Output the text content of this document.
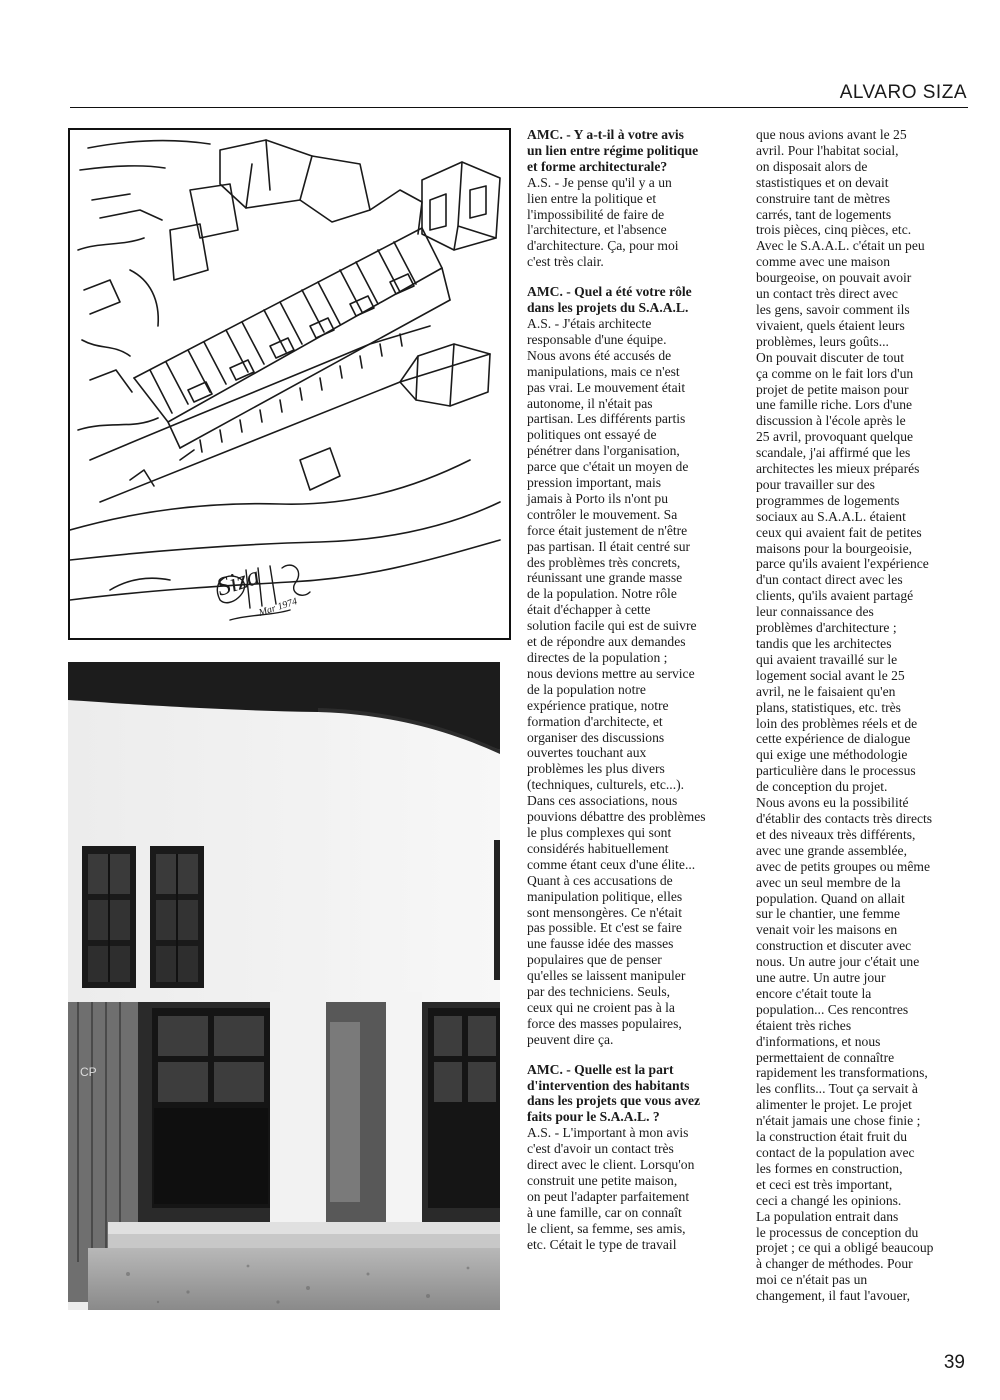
ALVARO SIZA
Siza
Mar 1974
CP

AMC. - Y a-t-il à votre avis
un lien entre régime politique
et forme architecturale?

A.S. - Je pense qu'il y a un
lien entre la politique et
l'impossibilité de faire de
l'architecture, et l'absence
d'architecture. Ça, pour moi
c'est très clair.

AMC. - Quel a été votre rôle
dans les projets du S.A.A.L.

A.S. - J'étais architecte
responsable d'une équipe.
Nous avons été accusés de
manipulations, mais ce n'est
pas vrai. Le mouvement était
autonome, il n'était pas
partisan. Les différents partis
politiques ont essayé de
pénétrer dans l'organisation,
parce que c'était un moyen de
pression important, mais
jamais à Porto ils n'ont pu
contrôler le mouvement. Sa
force était justement de n'être
pas partisan. Il était centré sur
des problèmes très concrets,
réunissant une grande masse
de la population. Notre rôle
était d'échapper à cette
solution facile qui est de suivre
et de répondre aux demandes
directes de la population ;
nous devions mettre au service
de la population notre
expérience pratique, notre
formation d'architecte, et
organiser des discussions
ouvertes touchant aux
problèmes les plus divers
(techniques, culturels, etc...).
Dans ces associations, nous
pouvions débattre des problèmes
le plus complexes qui sont
considérés habituellement
comme étant ceux d'une élite...
Quant à ces accusations de
manipulation politique, elles
sont mensongères. Ce n'était
pas possible. Et c'est se faire
une fausse idée des masses
populaires que de penser
qu'elles se laissent manipuler
par des techniciens. Seuls,
ceux qui ne croient pas à la
force des masses populaires,
peuvent dire ça.

AMC. - Quelle est la part
d'intervention des habitants
dans les projets que vous avez
faits pour le S.A.A.L. ?

A.S. - L'important à mon avis
c'est d'avoir un contact très
direct avec le client. Lorsqu'on
construit une petite maison,
on peut l'adapter parfaitement
à une famille, car on connaît
le client, sa femme, ses amis,
etc. Cétait le type de travail

que nous avions avant le 25
avril. Pour l'habitat social,
on disposait alors de
stastistiques et on devait
construire tant de mètres
carrés, tant de logements
trois pièces, cinq pièces, etc.
Avec le S.A.A.L. c'était un peu
comme avec une maison
bourgeoise, on pouvait avoir
un contact très direct avec
les gens, savoir comment ils
vivaient, quels étaient leurs
problèmes, leurs goûts...
On pouvait discuter de tout
ça comme on le fait lors d'un
projet de petite maison pour
une famille riche. Lors d'une
discussion à l'école après le
25 avril, provoquant quelque
scandale, j'ai affirmé que les
architectes les mieux préparés
pour travailler sur des
programmes de logements
sociaux au S.A.A.L. étaient
ceux qui avaient fait de petites
maisons pour la bourgeoisie,
parce qu'ils avaient l'expérience
d'un contact direct avec les
clients, qu'ils avaient partagé
leur connaissance des
problèmes d'architecture ;
tandis que les architectes
qui avaient travaillé sur le
logement social avant le 25
avril, ne le faisaient qu'en
plans, statistiques, etc. très
loin des problèmes réels et de
cette expérience de dialogue
qui exige une méthodologie
particulière dans le processus
de conception du projet.
Nous avons eu la possibilité
d'établir des contacts très directs
et des niveaux très différents,
avec une grande assemblée,
avec de petits groupes ou même
avec un seul membre de la
population. Quand on allait
sur le chantier, une femme
venait voir les maisons en
construction et discuter avec
nous. Un autre jour c'était une
une autre. Un autre jour
encore c'était toute la
population... Ces rencontres
étaient très riches
d'informations, et nous
permettaient de connaître
rapidement les transformations,
les conflits... Tout ça servait à
alimenter le projet. Le projet
n'était jamais une chose finie ;
la construction était fruit du
contact de la population avec
les formes en construction,
et ceci est très important,
ceci a changé les opinions.
La population entrait dans
le processus de conception du
projet ; ce qui a obligé beaucoup
à changer de méthodes. Pour
moi ce n'était pas un
changement, il faut l'avouer,

39
